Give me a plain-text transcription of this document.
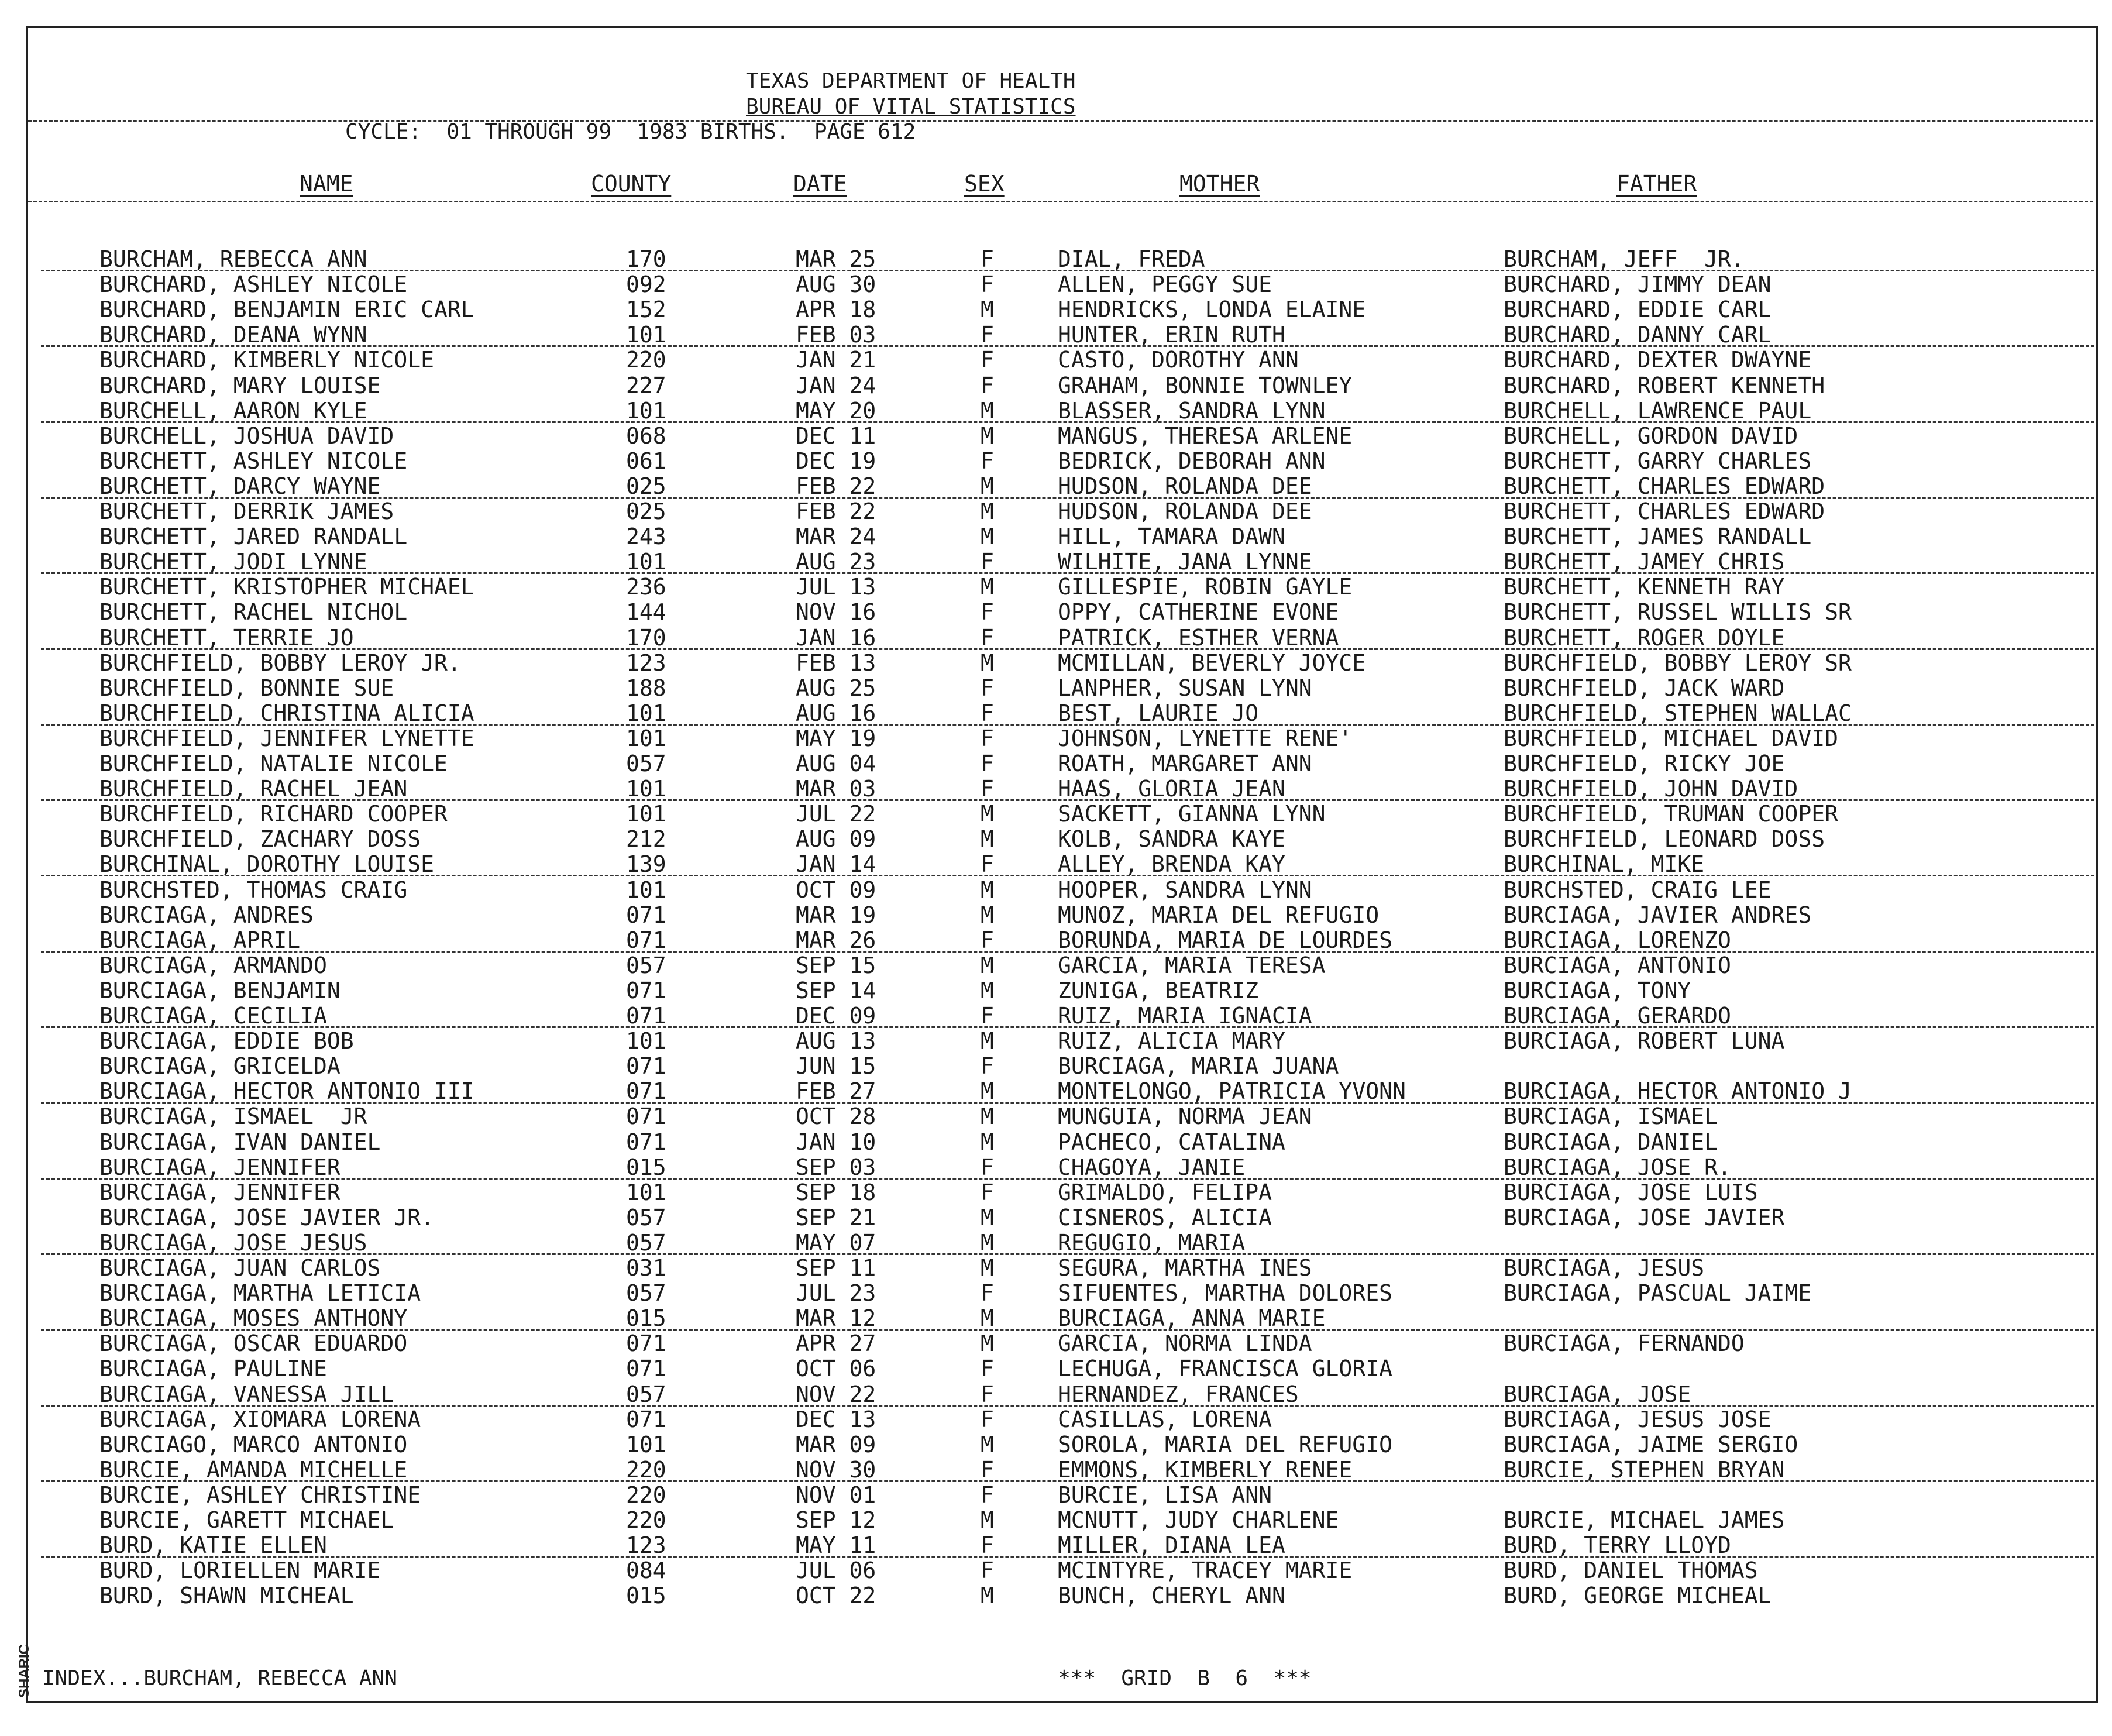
SHARIC
TEXAS DEPARTMENT OF HEALTH
BUREAU OF VITAL STATISTICS
CYCLE:  01 THROUGH 99  1983 BIRTHS.  PAGE 612
NAME	COUNTY	DATE	SEX	MOTHER	FATHER
BURCHAM, REBECCA ANN	170	MAR 25	F	DIAL, FREDA	BURCHAM, JEFF  JR.
BURCHARD, ASHLEY NICOLE	092	AUG 30	F	ALLEN, PEGGY SUE	BURCHARD, JIMMY DEAN
BURCHARD, BENJAMIN ERIC CARL	152	APR 18	M	HENDRICKS, LONDA ELAINE	BURCHARD, EDDIE CARL
BURCHARD, DEANA WYNN	101	FEB 03	F	HUNTER, ERIN RUTH	BURCHARD, DANNY CARL
BURCHARD, KIMBERLY NICOLE	220	JAN 21	F	CASTO, DOROTHY ANN	BURCHARD, DEXTER DWAYNE
BURCHARD, MARY LOUISE	227	JAN 24	F	GRAHAM, BONNIE TOWNLEY	BURCHARD, ROBERT KENNETH
BURCHELL, AARON KYLE	101	MAY 20	M	BLASSER, SANDRA LYNN	BURCHELL, LAWRENCE PAUL
BURCHELL, JOSHUA DAVID	068	DEC 11	M	MANGUS, THERESA ARLENE	BURCHELL, GORDON DAVID
BURCHETT, ASHLEY NICOLE	061	DEC 19	F	BEDRICK, DEBORAH ANN	BURCHETT, GARRY CHARLES
BURCHETT, DARCY WAYNE	025	FEB 22	M	HUDSON, ROLANDA DEE	BURCHETT, CHARLES EDWARD
BURCHETT, DERRIK JAMES	025	FEB 22	M	HUDSON, ROLANDA DEE	BURCHETT, CHARLES EDWARD
BURCHETT, JARED RANDALL	243	MAR 24	M	HILL, TAMARA DAWN	BURCHETT, JAMES RANDALL
BURCHETT, JODI LYNNE	101	AUG 23	F	WILHITE, JANA LYNNE	BURCHETT, JAMEY CHRIS
BURCHETT, KRISTOPHER MICHAEL	236	JUL 13	M	GILLESPIE, ROBIN GAYLE	BURCHETT, KENNETH RAY
BURCHETT, RACHEL NICHOL	144	NOV 16	F	OPPY, CATHERINE EVONE	BURCHETT, RUSSEL WILLIS SR
BURCHETT, TERRIE JO	170	JAN 16	F	PATRICK, ESTHER VERNA	BURCHETT, ROGER DOYLE
BURCHFIELD, BOBBY LEROY JR.	123	FEB 13	M	MCMILLAN, BEVERLY JOYCE	BURCHFIELD, BOBBY LEROY SR
BURCHFIELD, BONNIE SUE	188	AUG 25	F	LANPHER, SUSAN LYNN	BURCHFIELD, JACK WARD
BURCHFIELD, CHRISTINA ALICIA	101	AUG 16	F	BEST, LAURIE JO	BURCHFIELD, STEPHEN WALLAC
BURCHFIELD, JENNIFER LYNETTE	101	MAY 19	F	JOHNSON, LYNETTE RENE'	BURCHFIELD, MICHAEL DAVID
BURCHFIELD, NATALIE NICOLE	057	AUG 04	F	ROATH, MARGARET ANN	BURCHFIELD, RICKY JOE
BURCHFIELD, RACHEL JEAN	101	MAR 03	F	HAAS, GLORIA JEAN	BURCHFIELD, JOHN DAVID
BURCHFIELD, RICHARD COOPER	101	JUL 22	M	SACKETT, GIANNA LYNN	BURCHFIELD, TRUMAN COOPER
BURCHFIELD, ZACHARY DOSS	212	AUG 09	M	KOLB, SANDRA KAYE	BURCHFIELD, LEONARD DOSS
BURCHINAL, DOROTHY LOUISE	139	JAN 14	F	ALLEY, BRENDA KAY	BURCHINAL, MIKE
BURCHSTED, THOMAS CRAIG	101	OCT 09	M	HOOPER, SANDRA LYNN	BURCHSTED, CRAIG LEE
BURCIAGA, ANDRES	071	MAR 19	M	MUNOZ, MARIA DEL REFUGIO	BURCIAGA, JAVIER ANDRES
BURCIAGA, APRIL	071	MAR 26	F	BORUNDA, MARIA DE LOURDES	BURCIAGA, LORENZO
BURCIAGA, ARMANDO	057	SEP 15	M	GARCIA, MARIA TERESA	BURCIAGA, ANTONIO
BURCIAGA, BENJAMIN	071	SEP 14	M	ZUNIGA, BEATRIZ	BURCIAGA, TONY
BURCIAGA, CECILIA	071	DEC 09	F	RUIZ, MARIA IGNACIA	BURCIAGA, GERARDO
BURCIAGA, EDDIE BOB	101	AUG 13	M	RUIZ, ALICIA MARY	BURCIAGA, ROBERT LUNA
BURCIAGA, GRICELDA	071	JUN 15	F	BURCIAGA, MARIA JUANA
BURCIAGA, HECTOR ANTONIO III	071	FEB 27	M	MONTELONGO, PATRICIA YVONN	BURCIAGA, HECTOR ANTONIO J
BURCIAGA, ISMAEL  JR	071	OCT 28	M	MUNGUIA, NORMA JEAN	BURCIAGA, ISMAEL
BURCIAGA, IVAN DANIEL	071	JAN 10	M	PACHECO, CATALINA	BURCIAGA, DANIEL
BURCIAGA, JENNIFER	015	SEP 03	F	CHAGOYA, JANIE	BURCIAGA, JOSE R.
BURCIAGA, JENNIFER	101	SEP 18	F	GRIMALDO, FELIPA	BURCIAGA, JOSE LUIS
BURCIAGA, JOSE JAVIER JR.	057	SEP 21	M	CISNEROS, ALICIA	BURCIAGA, JOSE JAVIER
BURCIAGA, JOSE JESUS	057	MAY 07	M	REGUGIO, MARIA
BURCIAGA, JUAN CARLOS	031	SEP 11	M	SEGURA, MARTHA INES	BURCIAGA, JESUS
BURCIAGA, MARTHA LETICIA	057	JUL 23	F	SIFUENTES, MARTHA DOLORES	BURCIAGA, PASCUAL JAIME
BURCIAGA, MOSES ANTHONY	015	MAR 12	M	BURCIAGA, ANNA MARIE
BURCIAGA, OSCAR EDUARDO	071	APR 27	M	GARCIA, NORMA LINDA	BURCIAGA, FERNANDO
BURCIAGA, PAULINE	071	OCT 06	F	LECHUGA, FRANCISCA GLORIA
BURCIAGA, VANESSA JILL	057	NOV 22	F	HERNANDEZ, FRANCES	BURCIAGA, JOSE
BURCIAGA, XIOMARA LORENA	071	DEC 13	F	CASILLAS, LORENA	BURCIAGA, JESUS JOSE
BURCIAGO, MARCO ANTONIO	101	MAR 09	M	SOROLA, MARIA DEL REFUGIO	BURCIAGA, JAIME SERGIO
BURCIE, AMANDA MICHELLE	220	NOV 30	F	EMMONS, KIMBERLY RENEE	BURCIE, STEPHEN BRYAN
BURCIE, ASHLEY CHRISTINE	220	NOV 01	F	BURCIE, LISA ANN
BURCIE, GARETT MICHAEL	220	SEP 12	M	MCNUTT, JUDY CHARLENE	BURCIE, MICHAEL JAMES
BURD, KATIE ELLEN	123	MAY 11	F	MILLER, DIANA LEA	BURD, TERRY LLOYD
BURD, LORIELLEN MARIE	084	JUL 06	F	MCINTYRE, TRACEY MARIE	BURD, DANIEL THOMAS
BURD, SHAWN MICHEAL	015	OCT 22	M	BUNCH, CHERYL ANN	BURD, GEORGE MICHEAL
INDEX...BURCHAM, REBECCA ANN	***  GRID  B  6  ***
